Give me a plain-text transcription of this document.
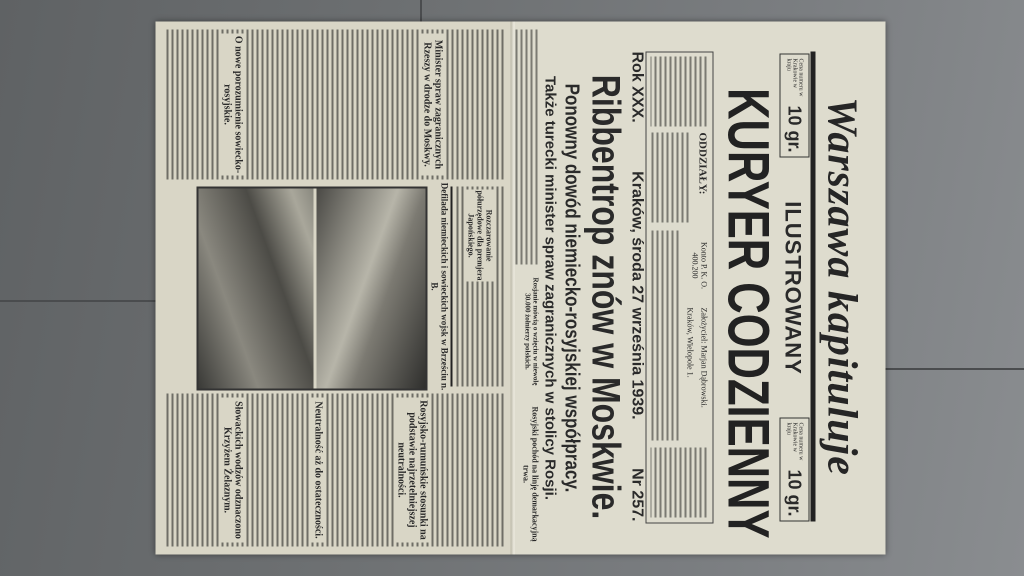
Warszawa kapituluje
Cena numeru w Krakowie w kraju
10 gr.
Cena numeru w Krakowie w kraju
10 gr.
ILUSTROWANY
KURYER CODZIENNY
ODDZIAŁY:
Konto P. K. O. 400.200
Założyciel: Marjan Dąbrowski.
Kraków, Wielopole 1.
Rok XXX.
Kraków, środa 27 września 1939.
Nr 257.
Ribbentrop znów w Moskwie.
Ponowny dowód niemiecko-rosyjskiej współpracy.
Także turecki minister spraw zagranicznych w stolicy Rosji.
Rosjanie mówią o wzięciu w niewolę 30.000 żołnierzy polskich.
Rosyjski pochód na linję demarkacyjną trwa.
Minister spraw zagranicznych Rzeszy w drodze do Moskwy.
O nowe porozumienie sowiecko-rosyjskie.
Rozczarowanie półurzędowe dla premjera Japońskiego.
Defilada niemieckich i sowieckich wojsk w Brześciu n. B.
Rosyjsko-rumuńskie stosunki na podstawie najrzetelniejszej neutralności.
Neutralność aż do ostateczności.
Słowackich wodzów odznaczono Krzyżem Żelaznym.
